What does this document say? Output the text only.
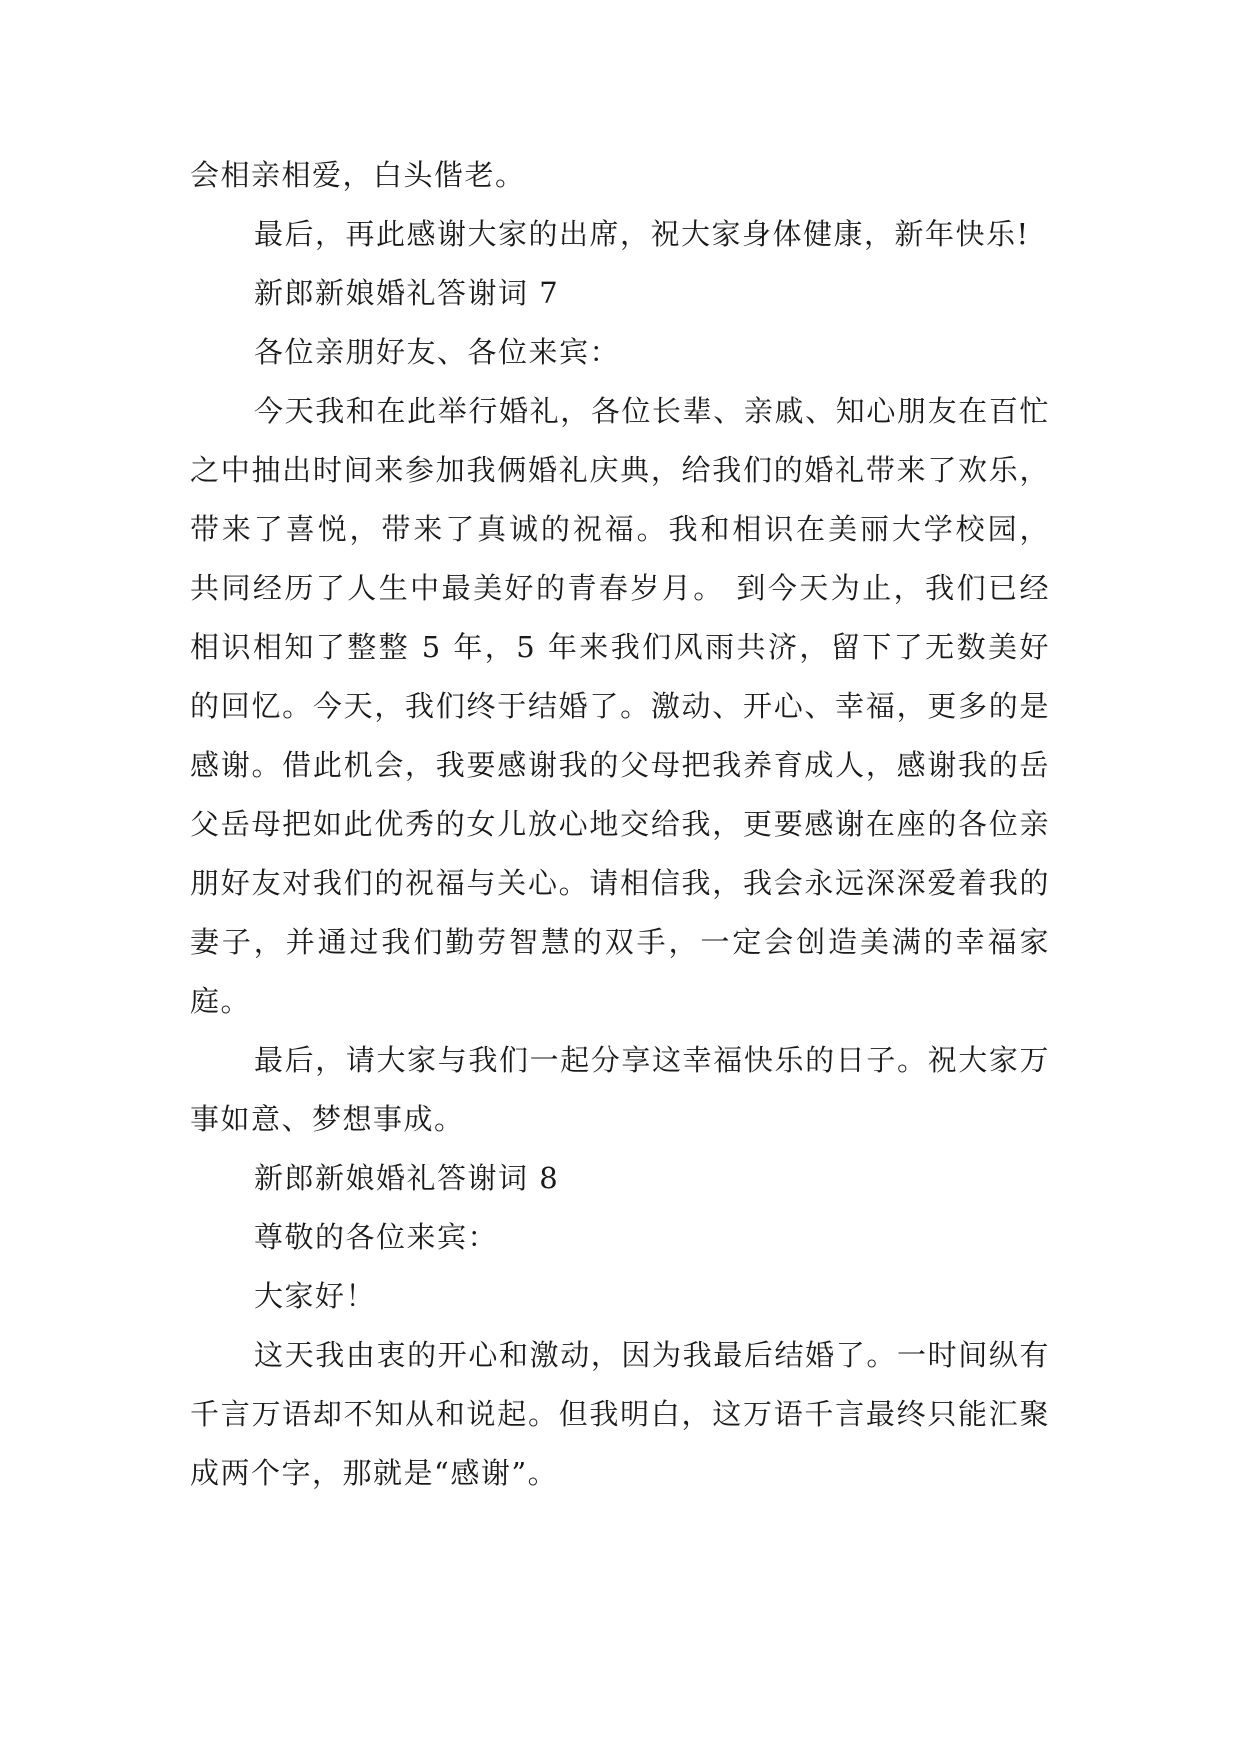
会相亲相爱，白头偕老。

最后，再此感谢大家的出席，祝大家身体健康，新年快乐!

新郎新娘婚礼答谢词 7

各位亲朋好友、各位来宾：

今天我和在此举行婚礼，各位长辈、亲戚、知心朋友在百忙之中抽出时间来参加我俩婚礼庆典，给我们的婚礼带来了欢乐，带来了喜悦，带来了真诚的祝福。我和相识在美丽大学校园， 共同经历了人生中最美好的青春岁月。 到今天为止，我们已经相识相知了整整 5 年，5 年来我们风雨共济，留下了无数美好的回忆。今天，我们终于结婚了。激动、开心、幸福，更多的是感谢。借此机会，我要感谢我的父母把我养育成人，感谢我的岳父岳母把如此优秀的女儿放心地交给我，更要感谢在座的各位亲朋好友对我们的祝福与关心。请相信我，我会永远深深爱着我的妻子，并通过我们勤劳智慧的双手，一定会创造美满的幸福家庭。

最后，请大家与我们一起分享这幸福快乐的日子。祝大家万事如意、梦想事成。

新郎新娘婚礼答谢词 8

尊敬的各位来宾：

大家好！

这天我由衷的开心和激动，因为我最后结婚了。一时间纵有千言万语却不知从和说起。但我明白，这万语千言最终只能汇聚成两个字，那就是“感谢”。
